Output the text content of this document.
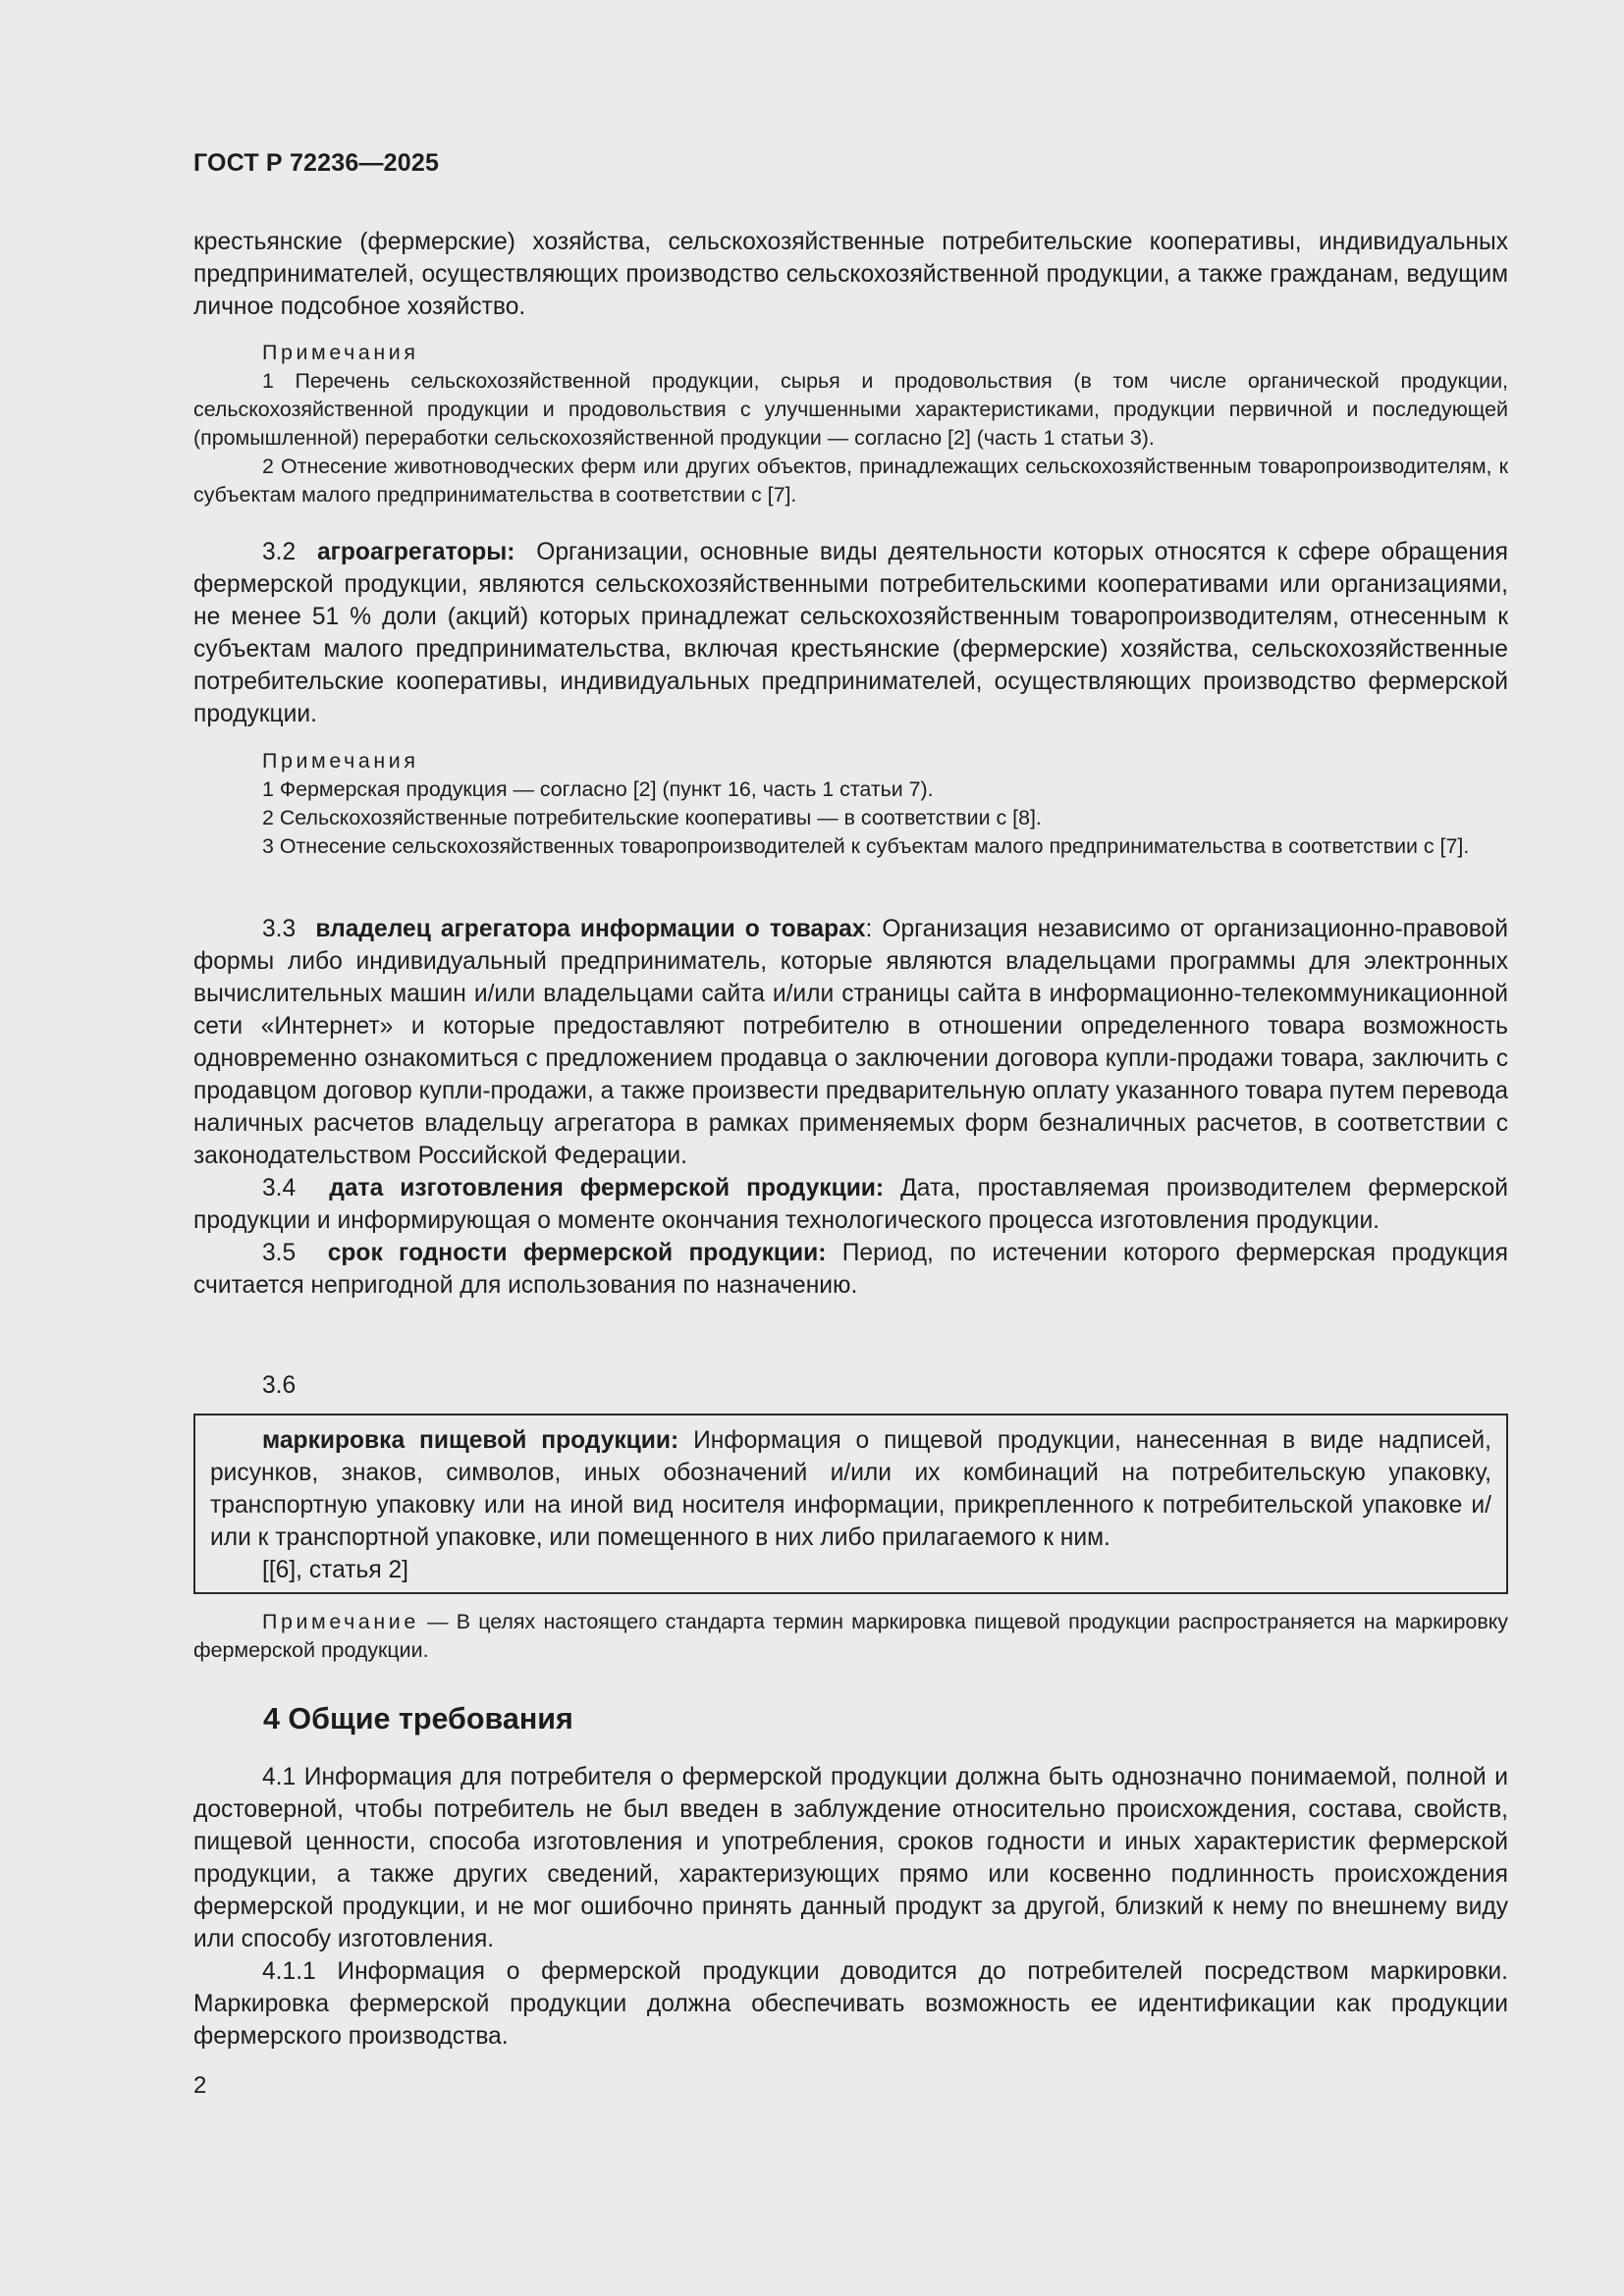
ГОСТ Р 72236—2025

крестьянские (фермерские) хозяйства, сельскохозяйственные потребительские кооперативы, индивидуальных предпринимателей, осуществляющих производство сельскохозяйственной продукции, а также гражданам, ведущим личное подсобное хозяйство.

Примечания

1 Перечень сельскохозяйственной продукции, сырья и продовольствия (в том числе органической продукции, сельскохозяйственной продукции и продовольствия с улучшенными характеристиками, продукции первичной и последующей (промышленной) переработки сельскохозяйственной продукции — согласно [2] (часть 1 статьи 3).

2 Отнесение животноводческих ферм или других объектов, принадлежащих сельскохозяйственным товаропроизводителям, к субъектам малого предпринимательства в соответствии с [7].

3.2 агроагрегаторы: Организации, основные виды деятельности которых относятся к сфере обращения фермерской продукции, являются сельскохозяйственными потребительскими кооперативами или организациями, не менее 51 % доли (акций) которых принадлежат сельскохозяйственным товаропроизводителям, отнесенным к субъектам малого предпринимательства, включая крестьянские (фермерские) хозяйства, сельскохозяйственные потребительские кооперативы, индивидуальных предпринимателей, осуществляющих производство фермерской продукции.

Примечания

1 Фермерская продукция — согласно [2] (пункт 16, часть 1 статьи 7).

2 Сельскохозяйственные потребительские кооперативы — в соответствии с [8].

3 Отнесение сельскохозяйственных товаропроизводителей к субъектам малого предпринимательства в соответствии с [7].

3.3 владелец агрегатора информации о товарах: Организация независимо от организационно-правовой формы либо индивидуальный предприниматель, которые являются владельцами программы для электронных вычислительных машин и/или владельцами сайта и/или страницы сайта в информационно-телекоммуникационной сети «Интернет» и которые предоставляют потребителю в отношении определенного товара возможность одновременно ознакомиться с предложением продавца о заключении договора купли-продажи товара, заключить с продавцом договор купли-продажи, а также произвести предварительную оплату указанного товара путем перевода наличных расчетов владельцу агрегатора в рамках применяемых форм безналичных расчетов, в соответствии с законодательством Российской Федерации.

3.4 дата изготовления фермерской продукции: Дата, проставляемая производителем фермерской продукции и информирующая о моменте окончания технологического процесса изготовления продукции.

3.5 срок годности фермерской продукции: Период, по истечении которого фермерская продукция считается непригодной для использования по назначению.

3.6

Примечание — В целях настоящего стандарта термин маркировка пищевой продукции распространяется на маркировку фермерской продукции.

маркировка пищевой продукции: Информация о пищевой продукции, нанесенная в виде надписей, рисунков, знаков, символов, иных обозначений и/или их комбинаций на потребительскую упаковку, транспортную упаковку или на иной вид носителя информации, прикрепленного к потребительской упаковке и/или к транспортной упаковке, или помещенного в них либо прилагаемого к ним.

[[6], статья 2]

4 Общие требования

4.1 Информация для потребителя о фермерской продукции должна быть однозначно понимаемой, полной и достоверной, чтобы потребитель не был введен в заблуждение относительно происхождения, состава, свойств, пищевой ценности, способа изготовления и употребления, сроков годности и иных характеристик фермерской продукции, а также других сведений, характеризующих прямо или косвенно подлинность происхождения фермерской продукции, и не мог ошибочно принять данный продукт за другой, близкий к нему по внешнему виду или способу изготовления.

4.1.1 Информация о фермерской продукции доводится до потребителей посредством маркировки. Маркировка фермерской продукции должна обеспечивать возможность ее идентификации как продукции фермерского производства.

2
